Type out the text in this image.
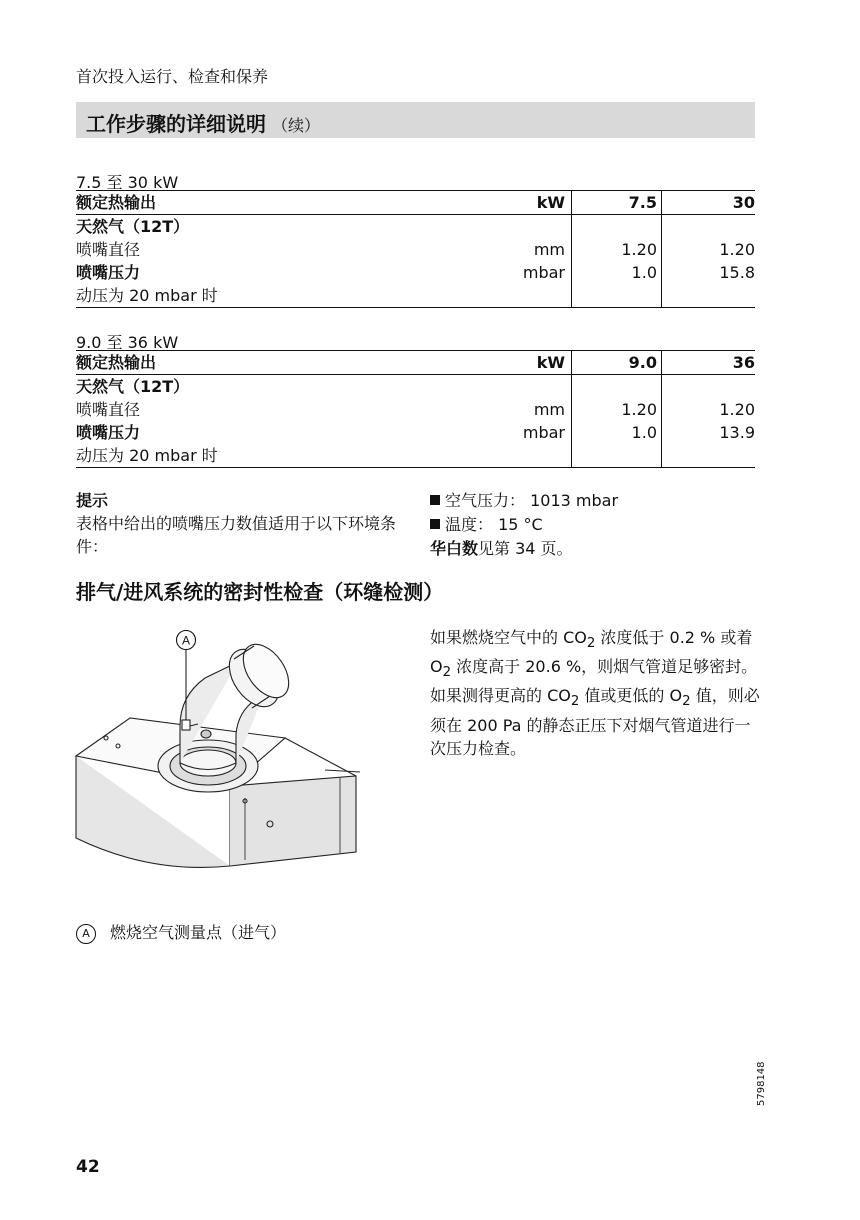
首次投入运行、检查和保养
工作步骤的详细说明 （续）
7.5 至 30 kW
额定热输出	kW	7.5	30
天然气（12T）			
喷嘴直径	mm	1.20	1.20
喷嘴压力	mbar	1.0	15.8
动压为 20 mbar 时			
9.0 至 36 kW
额定热输出	kW	9.0	36
天然气（12T）			
喷嘴直径	mm	1.20	1.20
喷嘴压力	mbar	1.0	13.9
动压为 20 mbar 时			
提示
表格中给出的喷嘴压力数值适用于以下环境条件：
空气压力： 1013 mbar
温度： 15 °C
华白数见第 34 页。
排气/进风系统的密封性检查（环缝检测）
如果燃烧空气中的 $CO_2$ 浓度低于 0.2 % 或着 $O_2$ 浓度高于 20.6 %，则烟气管道足够密封。
如果测得更高的 $CO_2$ 值或更低的 $O_2$ 值，则必须在 200 Pa 的静态正压下对烟气管道进行一次压力检查。
A
A 燃烧空气测量点（进气）
5798148
42
